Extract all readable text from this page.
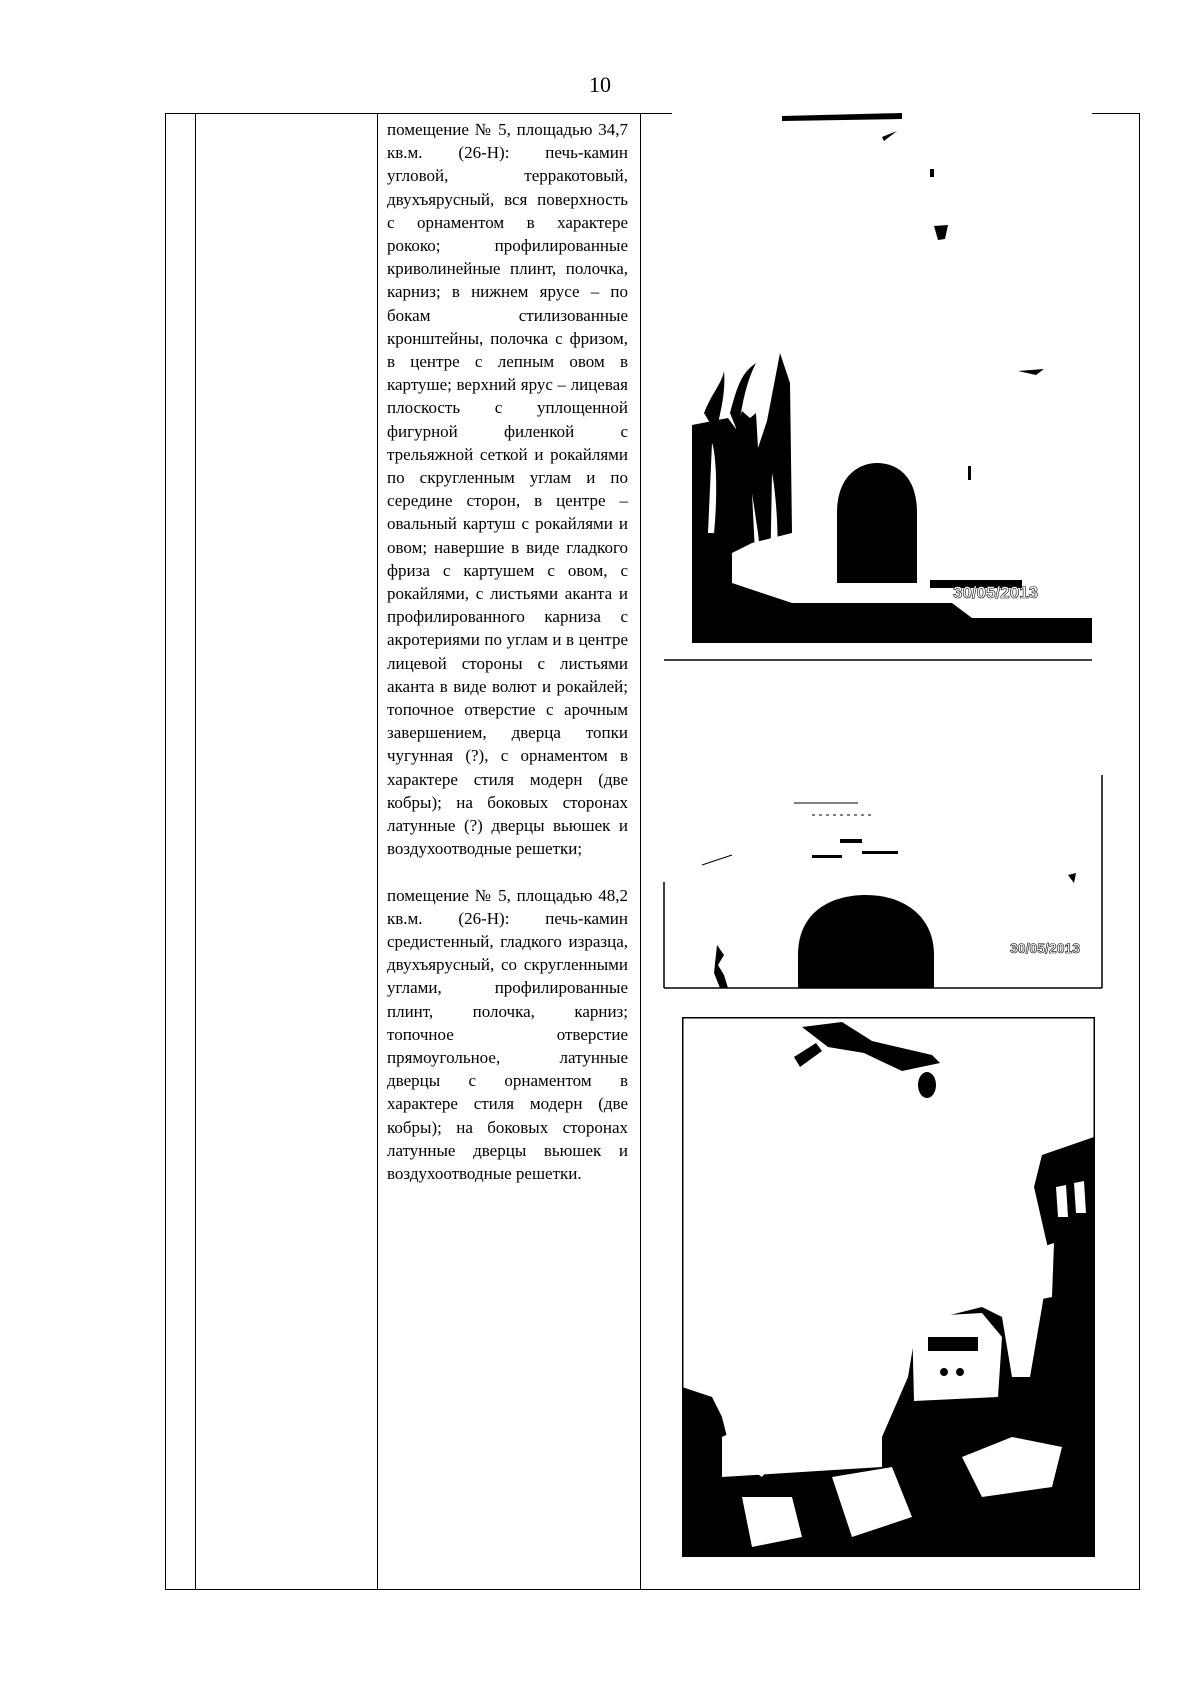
10

помещение № 5, площадью 34,7 кв.м. (26-Н): печь-камин угловой, терракотовый, двухъярусный, вся поверхность с орнаментом в характере рококо; профилированные криволинейные плинт, полочка, карниз; в нижнем ярусе – по бокам стилизованные кронштейны, полочка с фризом, в центре с лепным овом в картуше; верхний ярус – лицевая плоскость с уплощенной фигурной филенкой с трельяжной сеткой и рокайлями по скругленным углам и по середине сторон, в центре – овальный картуш с рокайлями и овом; навершие в виде гладкого фриза с картушем с овом, с рокайлями, с листьями аканта и профилированного карниза с акротериями по углам и в центре лицевой стороны с листьями аканта в виде волют и рокайлей; топочное отверстие с арочным завершением, дверца топки чугунная (?), с орнаментом в характере стиля модерн (две кобры); на боковых сторонах латунные (?) дверцы вьюшек и воздухоотводные решетки;

помещение № 5, площадью 48,2 кв.м. (26-Н): печь-камин средистенный, гладкого изразца, двухъярусный, со скругленными углами, профилированные плинт, полочка, карниз; топочное отверстие прямоугольное, латунные дверцы с орнаментом в характере стиля модерн (две кобры); на боковых сторонах латунные дверцы вьюшек и воздухоотводные решетки.

30/05/2013
30/05/2013
